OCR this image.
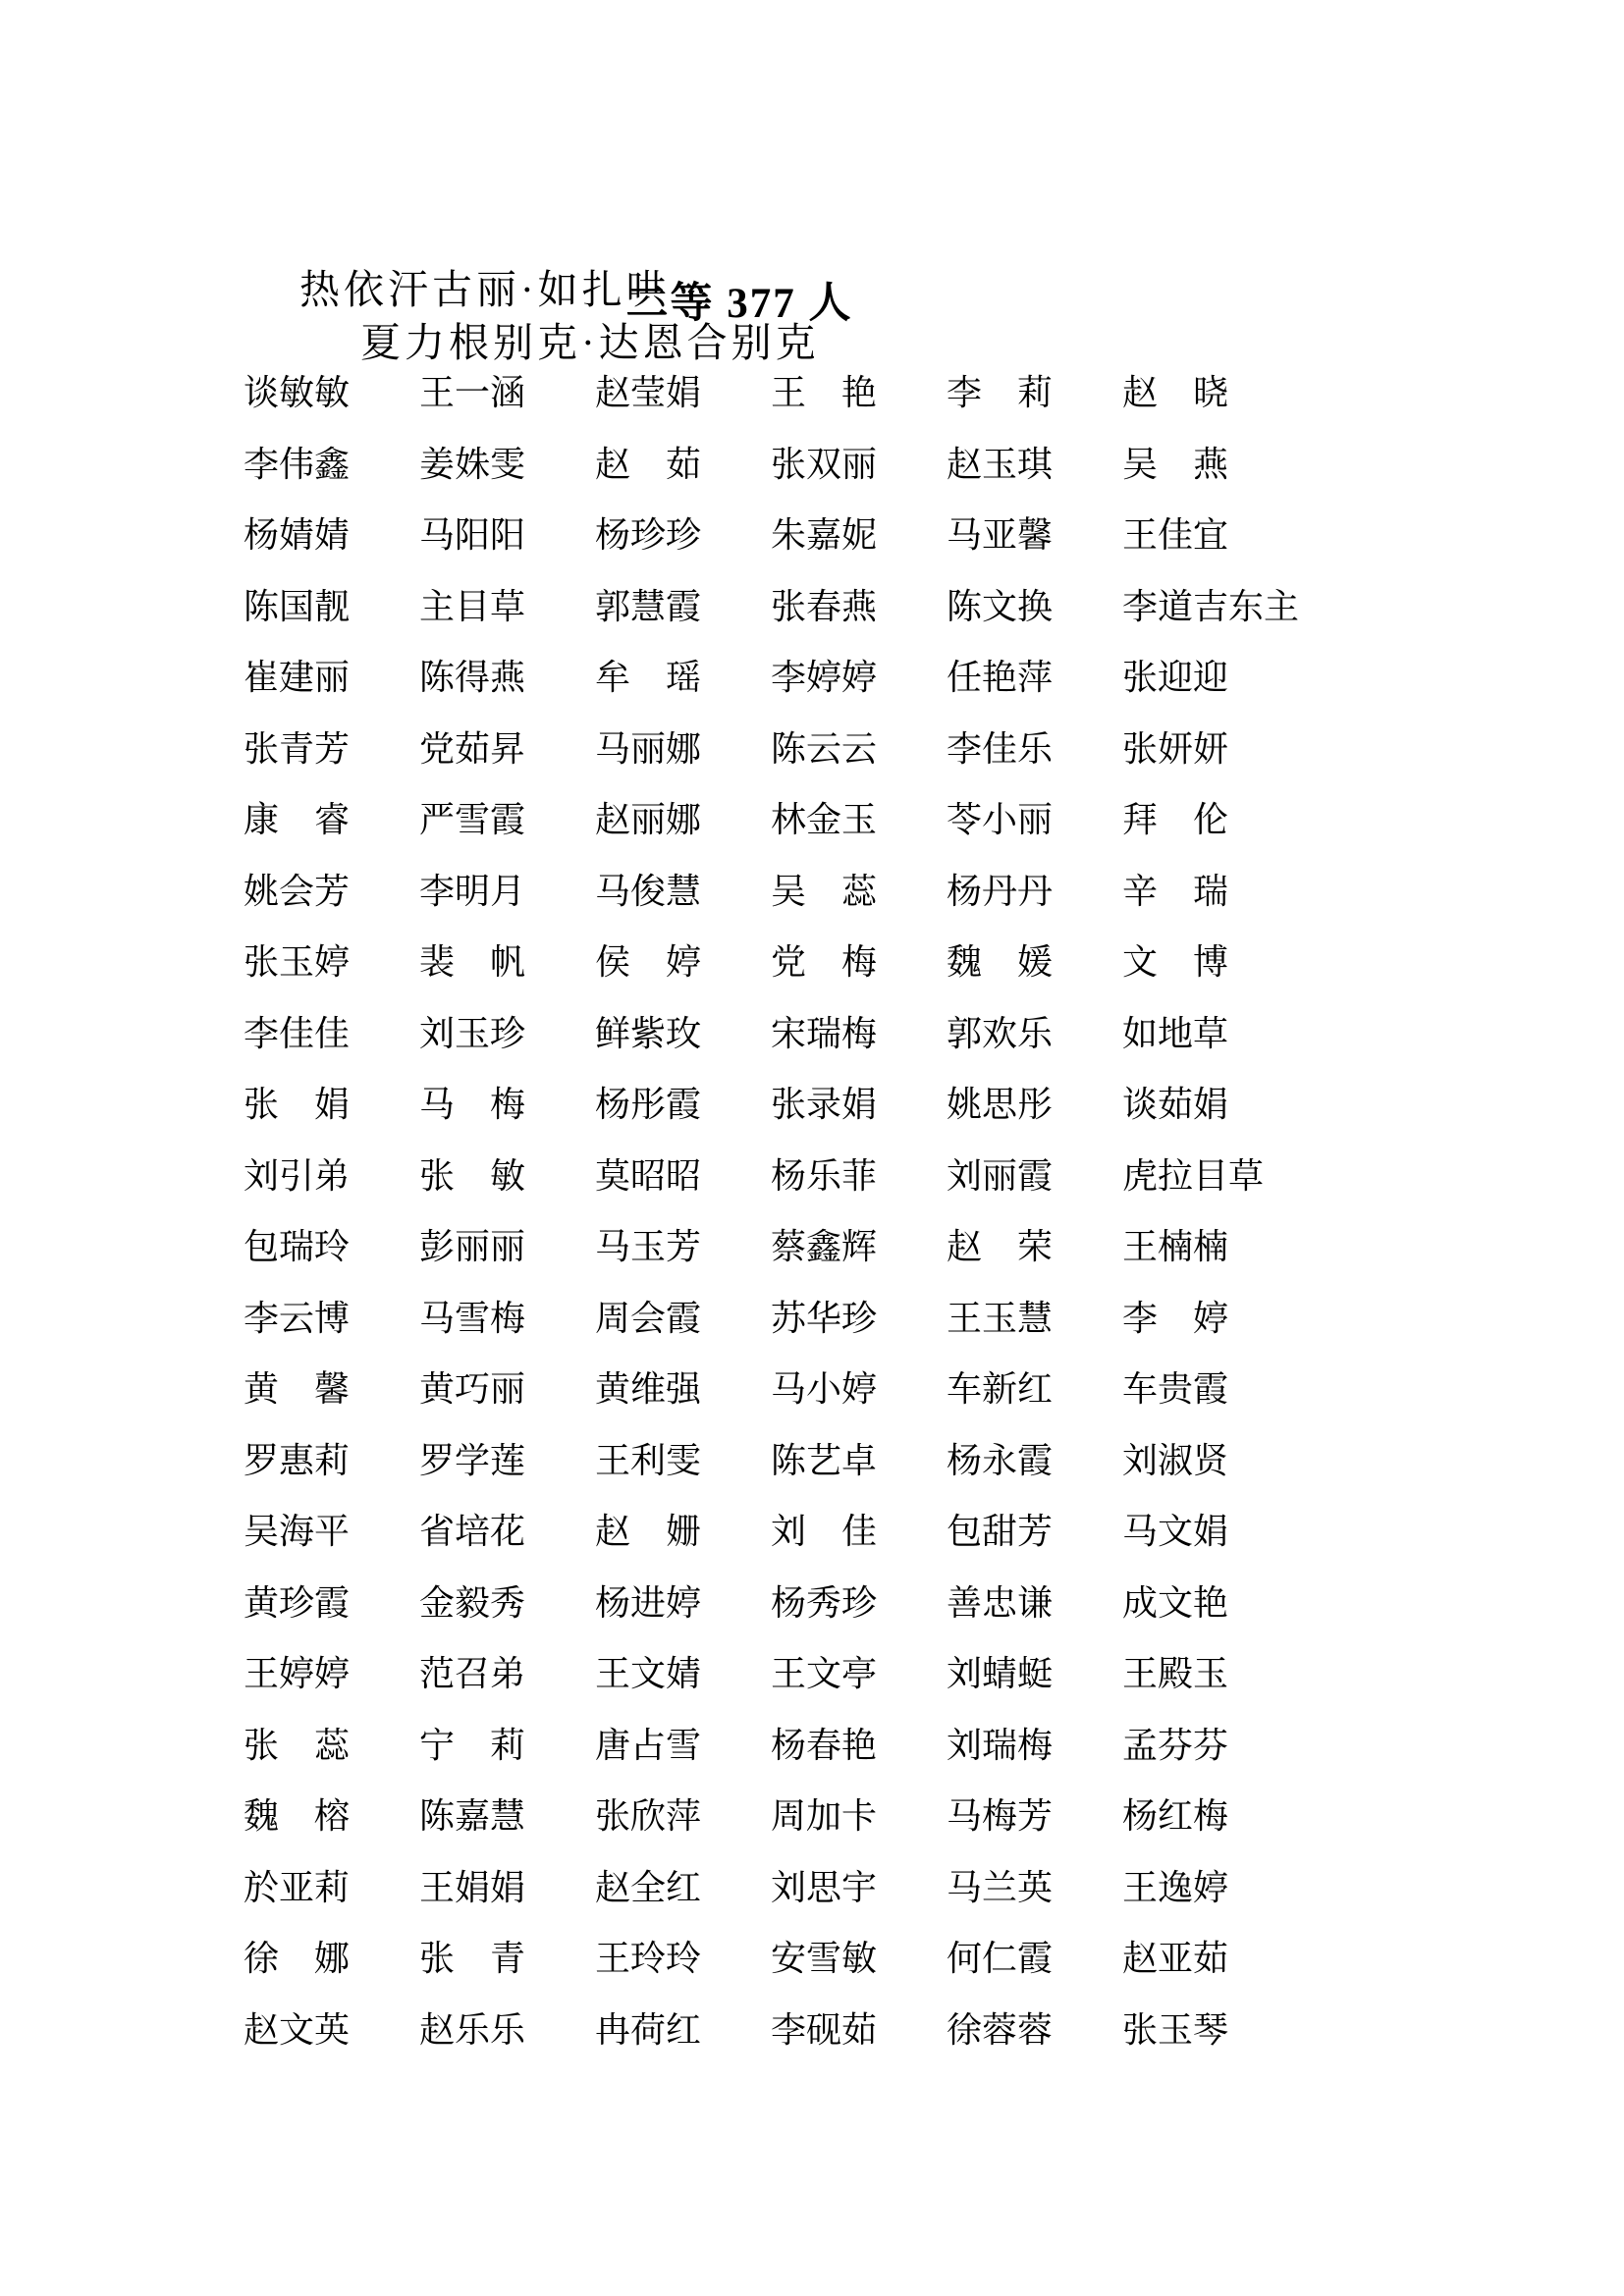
热依汗古丽·如扎哄
夏力根别克·达恩合别克

二等 377 人
谈敏敏 王一涵 赵莹娟 王　艳 李　莉 赵　晓
李伟鑫 姜姝雯 赵　茹 张双丽 赵玉琪 吴　燕
杨婧婧 马阳阳 杨珍珍 朱嘉妮 马亚馨 王佳宜
陈国靓 主目草 郭慧霞 张春燕 陈文换 李道吉东主
崔建丽 陈得燕 牟　瑶 李婷婷 任艳萍 张迎迎
张青芳 党茹昇 马丽娜 陈云云 李佳乐 张妍妍
康　睿 严雪霞 赵丽娜 林金玉 苓小丽 拜　伦
姚会芳 李明月 马俊慧 吴　蕊 杨丹丹 辛　瑞
张玉婷 裴　帆 侯　婷 党　梅 魏　媛 文　博
李佳佳 刘玉珍 鲜紫玫 宋瑞梅 郭欢乐 如地草
张　娟 马　梅 杨彤霞 张录娟 姚思彤 谈茹娟
刘引弟 张　敏 莫昭昭 杨乐菲 刘丽霞 虎拉目草
包瑞玲 彭丽丽 马玉芳 蔡鑫辉 赵　荣 王楠楠
李云博 马雪梅 周会霞 苏华珍 王玉慧 李　婷
黄　馨 黄巧丽 黄维强 马小婷 车新红 车贵霞
罗惠莉 罗学莲 王利雯 陈艺卓 杨永霞 刘淑贤
吴海平 省培花 赵　姗 刘　佳 包甜芳 马文娟
黄珍霞 金毅秀 杨进婷 杨秀珍 善忠谦 成文艳
王婷婷 范召弟 王文婧 王文亭 刘蜻蜓 王殿玉
张　蕊 宁　莉 唐占雪 杨春艳 刘瑞梅 孟芬芬
魏　榕 陈嘉慧 张欣萍 周加卡 马梅芳 杨红梅
於亚莉 王娟娟 赵全红 刘思宇 马兰英 王逸婷
徐　娜 张　青 王玲玲 安雪敏 何仁霞 赵亚茹
赵文英 赵乐乐 冉荷红 李砚茹 徐蓉蓉 张玉琴
